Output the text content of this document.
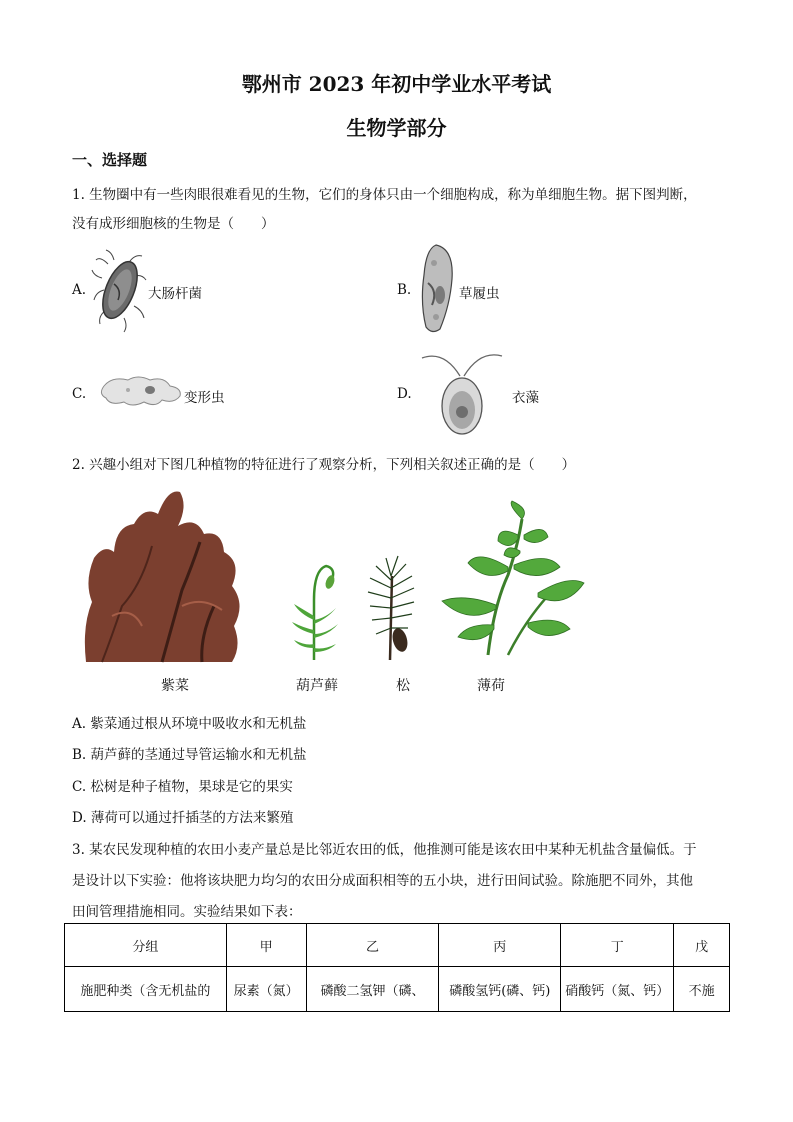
鄂州市 2023 年初中学业水平考试
生物学部分
一、选择题
1. 生物圈中有一些肉眼很难看见的生物，它们的身体只由一个细胞构成，称为单细胞生物。据下图判断，
没有成形细胞核的生物是（　　）
A.	大肠杆菌	B.	草履虫
C.	变形虫	D.	衣藻
2. 兴趣小组对下图几种植物的特征进行了观察分析，下列相关叙述正确的是（　　）
紫菜	葫芦藓	松	薄荷
A. 紫菜通过根从环境中吸收水和无机盐
B. 葫芦藓的茎通过导管运输水和无机盐
C. 松树是种子植物，果球是它的果实
D. 薄荷可以通过扦插茎的方法来繁殖
3. 某农民发现种植的农田小麦产量总是比邻近农田的低，他推测可能是该农田中某种无机盐含量偏低。于
是设计以下实验：他将该块肥力均匀的农田分成面积相等的五小块，进行田间试验。除施肥不同外，其他
田间管理措施相同。实验结果如下表：
分组	甲	乙	丙	丁	戊
施肥种类（含无机盐的	尿素（氮）	磷酸二氢钾（磷、	磷酸氢钙(磷、钙)	硝酸钙（氮、钙）	不施
